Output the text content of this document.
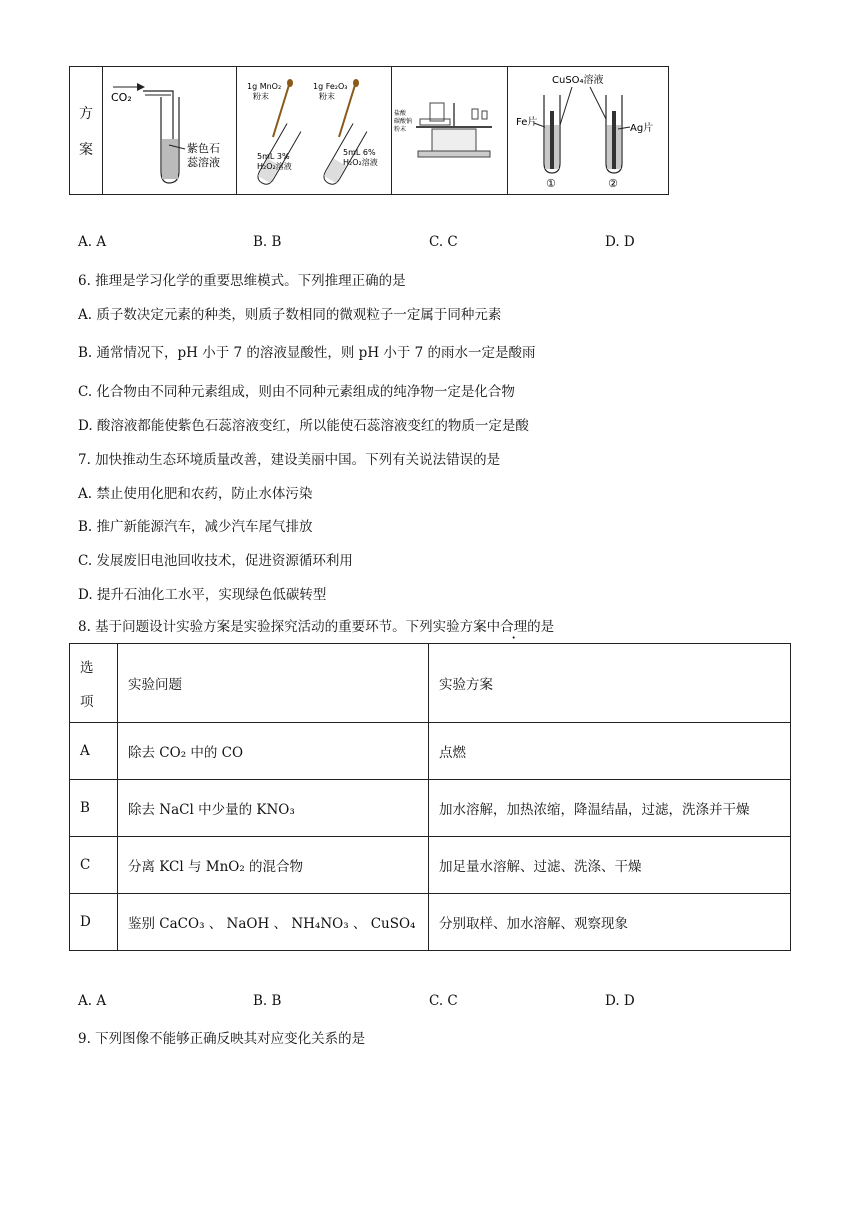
方
案

CO₂
紫色石
蕊溶液

1g MnO₂
粉末
1g Fe₂O₃
粉末
5mL 3%
H₂O₂溶液
5mL 6%
H₂O₂溶液

盐酸
碳酸钠
粉末

CuSO₄溶液
Fe片
Ag片
①	②
A. A	B. B	C. C	D. D
6. 推理是学习化学的重要思维模式。下列推理正确的是
A. 质子数决定元素的种类，则质子数相同的微观粒子一定属于同种元素
B. 通常情况下，pH 小于 7 的溶液显酸性，则 pH 小于 7 的雨水一定是酸雨
C. 化合物由不同种元素组成，则由不同种元素组成的纯净物一定是化合物
D. 酸溶液都能使紫色石蕊溶液变红，所以能使石蕊溶液变红的物质一定是酸
7. 加快推动生态环境质量改善，建设美丽中国。下列有关说法错误的是
A. 禁止使用化肥和农药，防止水体污染
B. 推广新能源汽车，减少汽车尾气排放
C. 发展废旧电池回收技术，促进资源循环利用
D. 提升石油化工水平，实现绿色低碳转型
8. 基于问题设计实验方案是实验探究活动的重要环节。下列实验方案中合理的是
选
项	实验问题	实验方案
A	除去 CO₂ 中的 CO	点燃
B	除去 NaCl 中少量的 KNO₃	加水溶解，加热浓缩，降温结晶，过滤，洗涤并干燥
C	分离 KCl 与 MnO₂ 的混合物	加足量水溶解、过滤、洗涤、干燥
D	鉴别 CaCO₃ 、 NaOH 、 NH₄NO₃ 、 CuSO₄	分别取样、加水溶解、观察现象
A. A	B. B	C. C	D. D
9. 下列图像不能够正确反映其对应变化关系的是
